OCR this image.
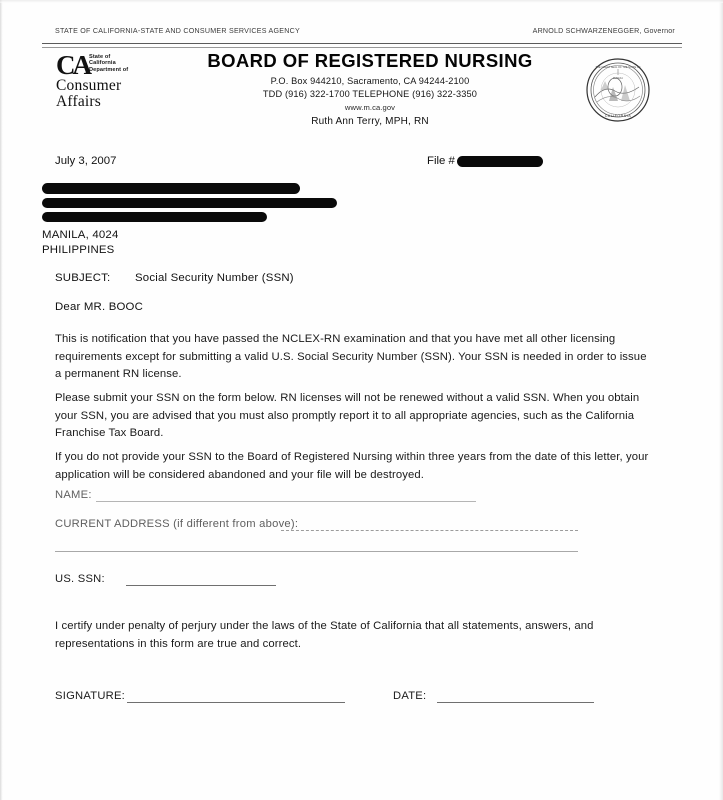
STATE OF CALIFORNIA-STATE AND CONSUMER SERVICES AGENCY	ARNOLD SCHWARZENEGGER, Governor
CA State of
California
Department of
Consumer
Affairs
BOARD OF REGISTERED NURSING
P.O. Box 944210, Sacramento, CA 94244-2100
TDD (916) 322-1700 TELEPHONE (916) 322-3350
www.m.ca.gov
Ruth Ann Terry, MPH, RN
THE GREAT SEAL OF THE STATE OF
CALIFORNIA
EUREKA
July 3, 2007	File #
MANILA, 4024
PHILIPPINES
SUBJECT: Social Security Number (SSN)
Dear MR. BOOC
This is notification that you have passed the NCLEX-RN examination and that you have met all other licensing requirements except for submitting a valid U.S. Social Security Number (SSN). Your SSN is needed in order to issue a permanent RN license.
Please submit your SSN on the form below. RN licenses will not be renewed without a valid SSN. When you obtain your SSN, you are advised that you must also promptly report it to all appropriate agencies, such as the California Franchise Tax Board.
If you do not provide your SSN to the Board of Registered Nursing within three years from the date of this letter, your application will be considered abandoned and your file will be destroyed.
NAME:
CURRENT ADDRESS (if different from above):
US. SSN:
I certify under penalty of perjury under the laws of the State of California that all statements, answers, and representations in this form are true and correct.
SIGNATURE:	DATE:
